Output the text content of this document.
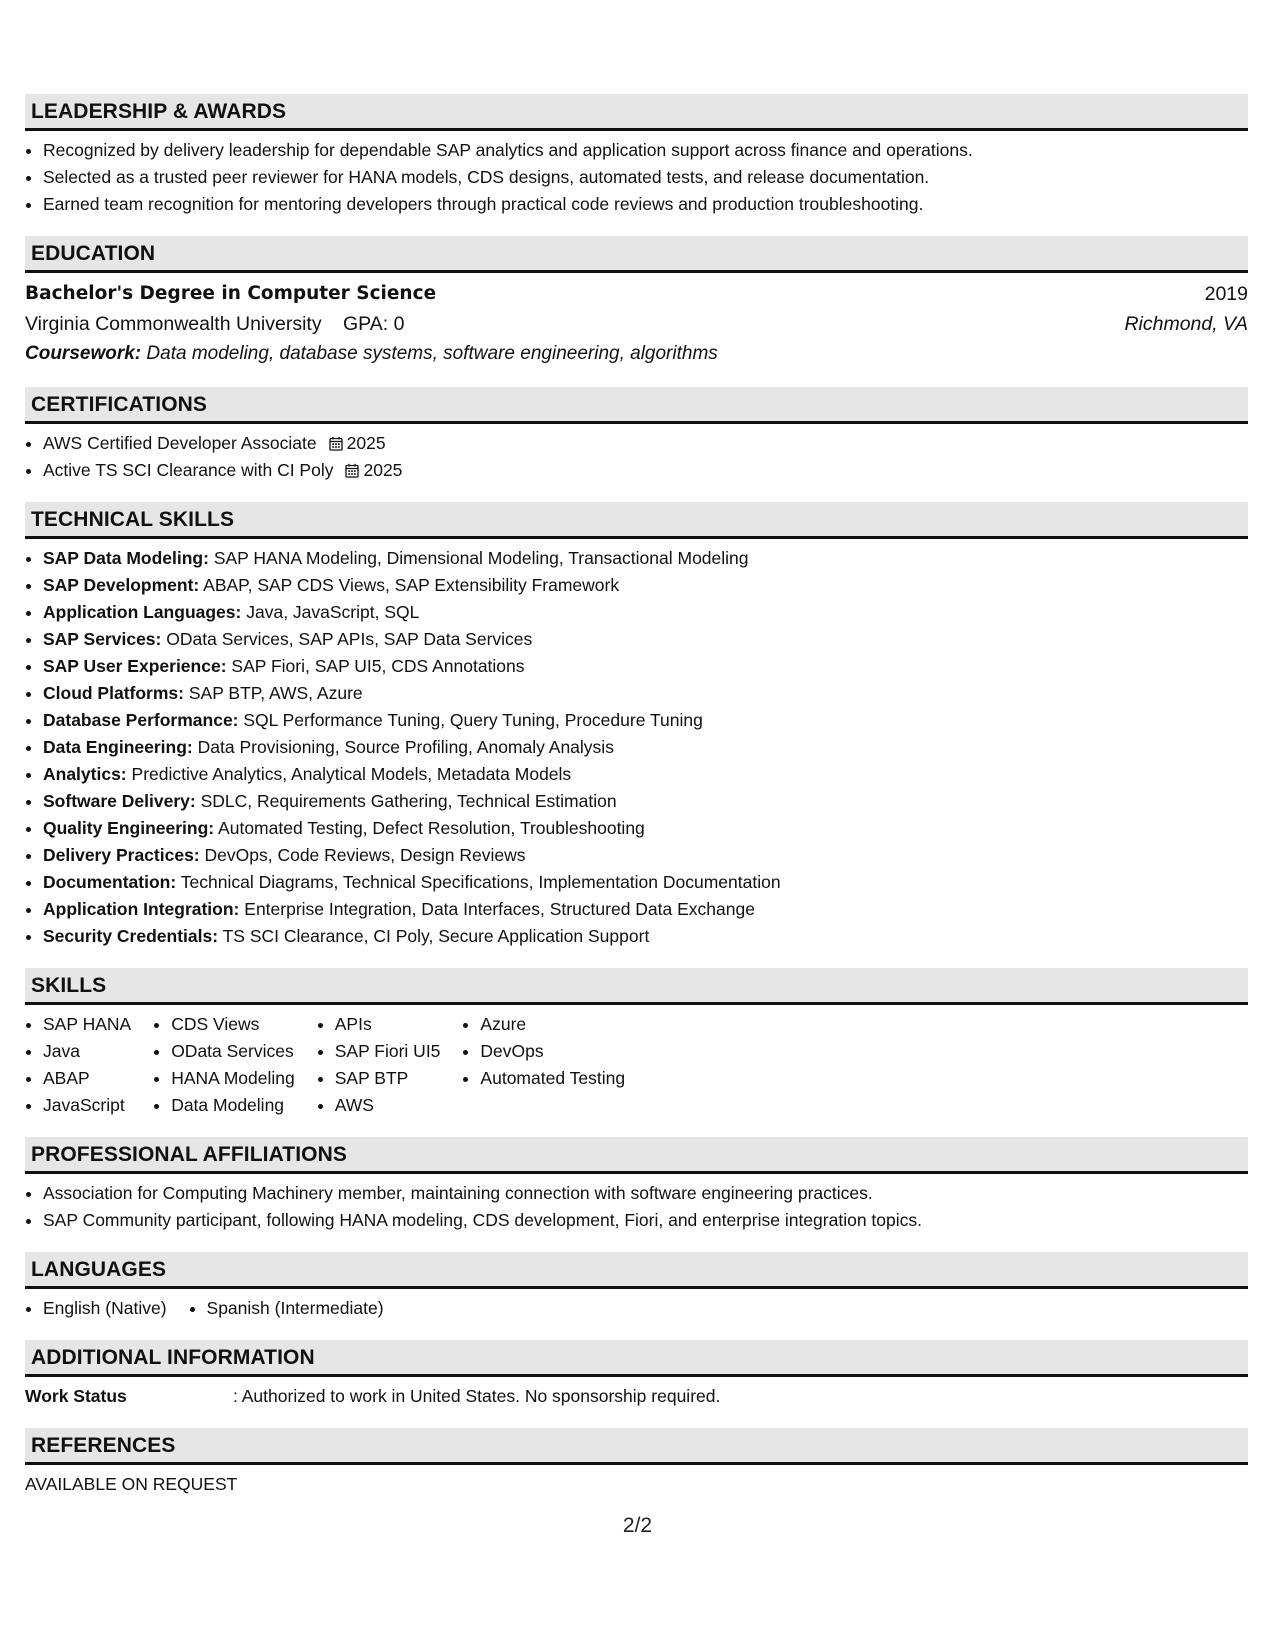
LEADERSHIP & AWARDS
• Recognized by delivery leadership for dependable SAP analytics and application support across finance and operations.
• Selected as a trusted peer reviewer for HANA models, CDS designs, automated tests, and release documentation.
• Earned team recognition for mentoring developers through practical code reviews and production troubleshooting.
EDUCATION
Bachelor's Degree in Computer Science	2019
Virginia Commonwealth University GPA: 0	Richmond, VA
Coursework: Data modeling, database systems, software engineering, algorithms
CERTIFICATIONS
• AWS Certified Developer Associate 2025
• Active TS SCI Clearance with CI Poly 2025
TECHNICAL SKILLS
• SAP Data Modeling: SAP HANA Modeling, Dimensional Modeling, Transactional Modeling
• SAP Development: ABAP, SAP CDS Views, SAP Extensibility Framework
• Application Languages: Java, JavaScript, SQL
• SAP Services: OData Services, SAP APIs, SAP Data Services
• SAP User Experience: SAP Fiori, SAP UI5, CDS Annotations
• Cloud Platforms: SAP BTP, AWS, Azure
• Database Performance: SQL Performance Tuning, Query Tuning, Procedure Tuning
• Data Engineering: Data Provisioning, Source Profiling, Anomaly Analysis
• Analytics: Predictive Analytics, Analytical Models, Metadata Models
• Software Delivery: SDLC, Requirements Gathering, Technical Estimation
• Quality Engineering: Automated Testing, Defect Resolution, Troubleshooting
• Delivery Practices: DevOps, Code Reviews, Design Reviews
• Documentation: Technical Diagrams, Technical Specifications, Implementation Documentation
• Application Integration: Enterprise Integration, Data Interfaces, Structured Data Exchange
• Security Credentials: TS SCI Clearance, CI Poly, Secure Application Support
SKILLS
• SAP HANA
• Java
• ABAP
• JavaScript
• CDS Views
• OData Services
• HANA Modeling
• Data Modeling
• APIs
• SAP Fiori UI5
• SAP BTP
• AWS
• Azure
• DevOps
• Automated Testing
PROFESSIONAL AFFILIATIONS
• Association for Computing Machinery member, maintaining connection with software engineering practices.
• SAP Community participant, following HANA modeling, CDS development, Fiori, and enterprise integration topics.
LANGUAGES
• English (Native)
• Spanish (Intermediate)
ADDITIONAL INFORMATION
Work Status	: Authorized to work in United States. No sponsorship required.
REFERENCES
AVAILABLE ON REQUEST
2/2
